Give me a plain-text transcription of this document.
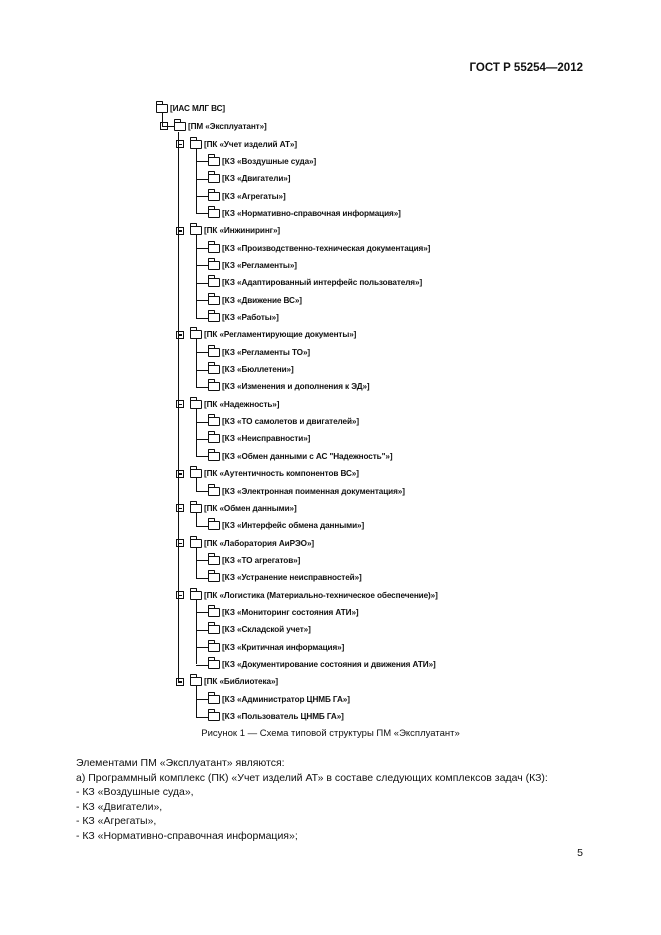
ГОСТ Р 55254—2012
[ИАС МЛГ ВС]
[ПМ «Эксплуатант»]
[ПК «Учет изделий АТ»]
[КЗ «Воздушные суда»]
[КЗ «Двигатели»]
[КЗ «Агрегаты»]
[КЗ «Нормативно-справочная информация»]
[ПК «Инжиниринг»]
[КЗ «Производственно-техническая документация»]
[КЗ «Регламенты»]
[КЗ «Адаптированный интерфейс пользователя»]
[КЗ «Движение ВС»]
[КЗ «Работы»]
[ПК «Регламентирующие документы»]
[КЗ «Регламенты ТО»]
[КЗ «Бюллетени»]
[КЗ «Изменения и дополнения к ЭД»]
[ПК «Надежность»]
[КЗ «ТО самолетов и двигателей»]
[КЗ «Неисправности»]
[КЗ «Обмен данными с АС "Надежность"»]
[ПК «Аутентичность компонентов ВС»]
[КЗ «Электронная поименная документация»]
[ПК «Обмен данными»]
[КЗ «Интерфейс обмена данными»]
[ПК «Лаборатория АиРЭО»]
[КЗ «ТО агрегатов»]
[КЗ «Устранение неисправностей»]
[ПК «Логистика (Материально-техническое обеспечение)»]
[КЗ «Мониторинг состояния АТИ»]
[КЗ «Складской учет»]
[КЗ «Критичная информация»]
[КЗ «Документирование состояния и движения АТИ»]
[ПК «Библиотека»]
[КЗ «Администратор ЦНМБ ГА»]
[КЗ «Пользователь ЦНМБ ГА»]
Рисунок 1 — Схема типовой структуры ПМ «Эксплуатант»
Элементами ПМ «Эксплуатант» являются:
а) Программный комплекс (ПК) «Учет изделий АТ» в составе следующих комплексов задач (КЗ):
- КЗ «Воздушные суда»,
- КЗ «Двигатели»,
- КЗ «Агрегаты»,
- КЗ «Нормативно-справочная информация»;
5
